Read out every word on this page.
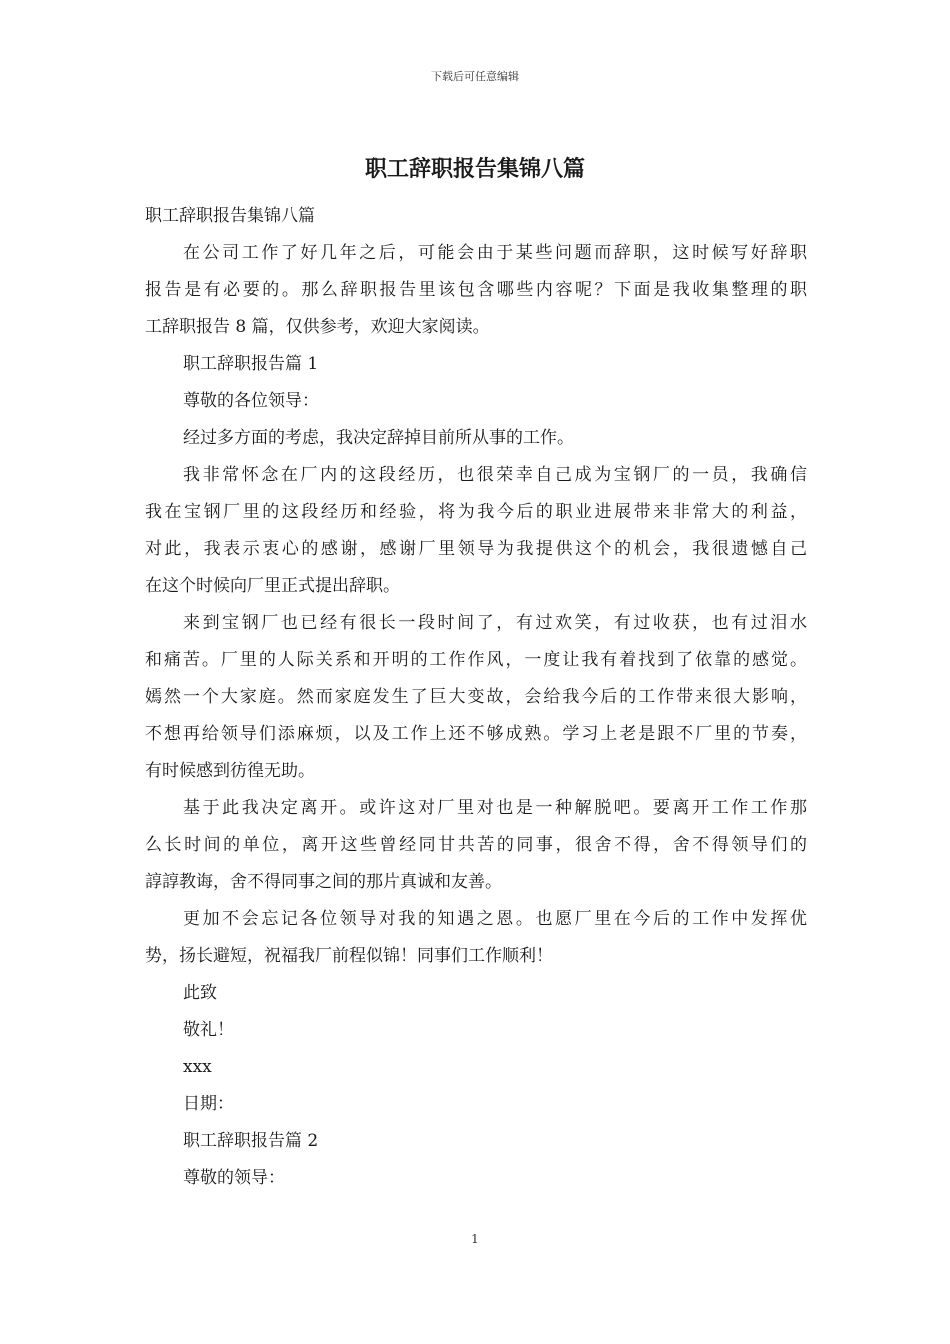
下载后可任意编辑
职工辞职报告集锦八篇
职工辞职报告集锦八篇
在公司工作了好几年之后，可能会由于某些问题而辞职，这时候写好辞职
报告是有必要的。那么辞职报告里该包含哪些内容呢？下面是我收集整理的职
工辞职报告 8 篇，仅供参考，欢迎大家阅读。
职工辞职报告篇 1
尊敬的各位领导：
经过多方面的考虑，我决定辞掉目前所从事的工作。
我非常怀念在厂内的这段经历，也很荣幸自己成为宝钢厂的一员，我确信
我在宝钢厂里的这段经历和经验，将为我今后的职业进展带来非常大的利益，
对此，我表示衷心的感谢，感谢厂里领导为我提供这个的机会，我很遗憾自己
在这个时候向厂里正式提出辞职。
来到宝钢厂也已经有很长一段时间了，有过欢笑，有过收获，也有过泪水
和痛苦。厂里的人际关系和开明的工作作风，一度让我有着找到了依靠的感觉。
嫣然一个大家庭。然而家庭发生了巨大变故，会给我今后的工作带来很大影响，
不想再给领导们添麻烦，以及工作上还不够成熟。学习上老是跟不厂里的节奏，
有时候感到彷徨无助。
基于此我决定离开。或许这对厂里对也是一种解脱吧。要离开工作工作那
么长时间的单位，离开这些曾经同甘共苦的同事，很舍不得，舍不得领导们的
諄諄教诲，舍不得同事之间的那片真诚和友善。
更加不会忘记各位领导对我的知遇之恩。也愿厂里在今后的工作中发挥优
势，扬长避短，祝福我厂前程似锦！同事们工作顺利！
此致
敬礼！
xxx
日期：
职工辞职报告篇 2
尊敬的领导：
1
